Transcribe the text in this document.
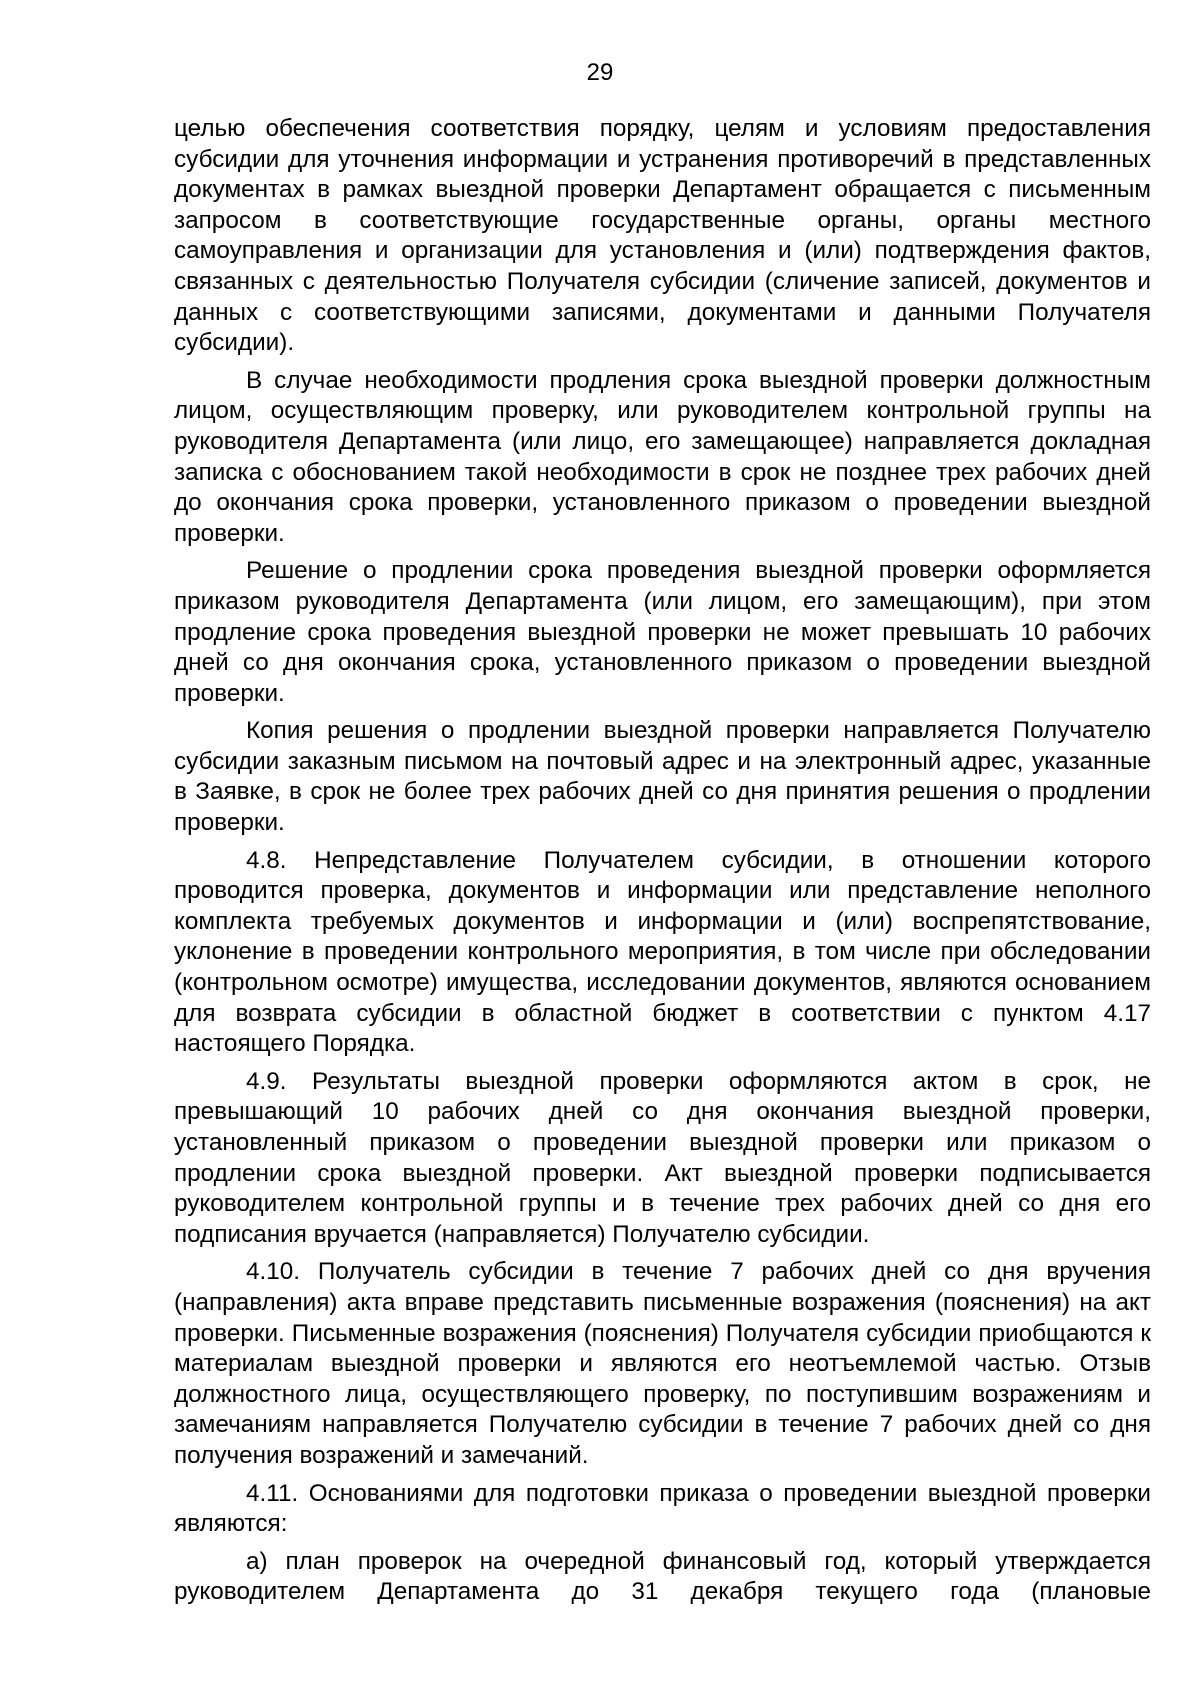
29

целью обеспечения соответствия порядку, целям и условиям предоставления субсидии для уточнения информации и устранения противоречий в представленных документах в рамках выездной проверки Департамент обращается с письменным запросом в соответствующие государственные органы, органы местного самоуправления и организации для установления и (или) подтверждения фактов, связанных с деятельностью Получателя субсидии (сличение записей, документов и данных с соответствующими записями, документами и данными Получателя субсидии).

В случае необходимости продления срока выездной проверки должностным лицом, осуществляющим проверку, или руководителем контрольной группы на руководителя Департамента (или лицо, его замещающее) направляется докладная записка с обоснованием такой необходимости в срок не позднее трех рабочих дней до окончания срока проверки, установленного приказом о проведении выездной проверки.

Решение о продлении срока проведения выездной проверки оформляется приказом руководителя Департамента (или лицом, его замещающим), при этом продление срока проведения выездной проверки не может превышать 10 рабочих дней со дня окончания срока, установленного приказом о проведении выездной проверки.

Копия решения о продлении выездной проверки направляется Получателю субсидии заказным письмом на почтовый адрес и на электронный адрес, указанные в Заявке, в срок не более трех рабочих дней со дня принятия решения о продлении проверки.

4.8. Непредставление Получателем субсидии, в отношении которого проводится проверка, документов и информации или представление неполного комплекта требуемых документов и информации и (или) воспрепятствование, уклонение в проведении контрольного мероприятия, в том числе при обследовании (контрольном осмотре) имущества, исследовании документов, являются основанием для возврата субсидии в областной бюджет в соответствии с пунктом 4.17 настоящего Порядка.

4.9. Результаты выездной проверки оформляются актом в срок, не превышающий 10 рабочих дней со дня окончания выездной проверки, установленный приказом о проведении выездной проверки или приказом о продлении срока выездной проверки. Акт выездной проверки подписывается руководителем контрольной группы и в течение трех рабочих дней со дня его подписания вручается (направляется) Получателю субсидии.

4.10. Получатель субсидии в течение 7 рабочих дней со дня вручения (направления) акта вправе представить письменные возражения (пояснения) на акт проверки. Письменные возражения (пояснения) Получателя субсидии приобщаются к материалам выездной проверки и являются его неотъемлемой частью. Отзыв должностного лица, осуществляющего проверку, по поступившим возражениям и замечаниям направляется Получателю субсидии в течение 7 рабочих дней со дня получения возражений и замечаний.

4.11. Основаниями для подготовки приказа о проведении выездной проверки являются:

а) план проверок на очередной финансовый год, который утверждается руководителем Департамента до 31 декабря текущего года (плановые
